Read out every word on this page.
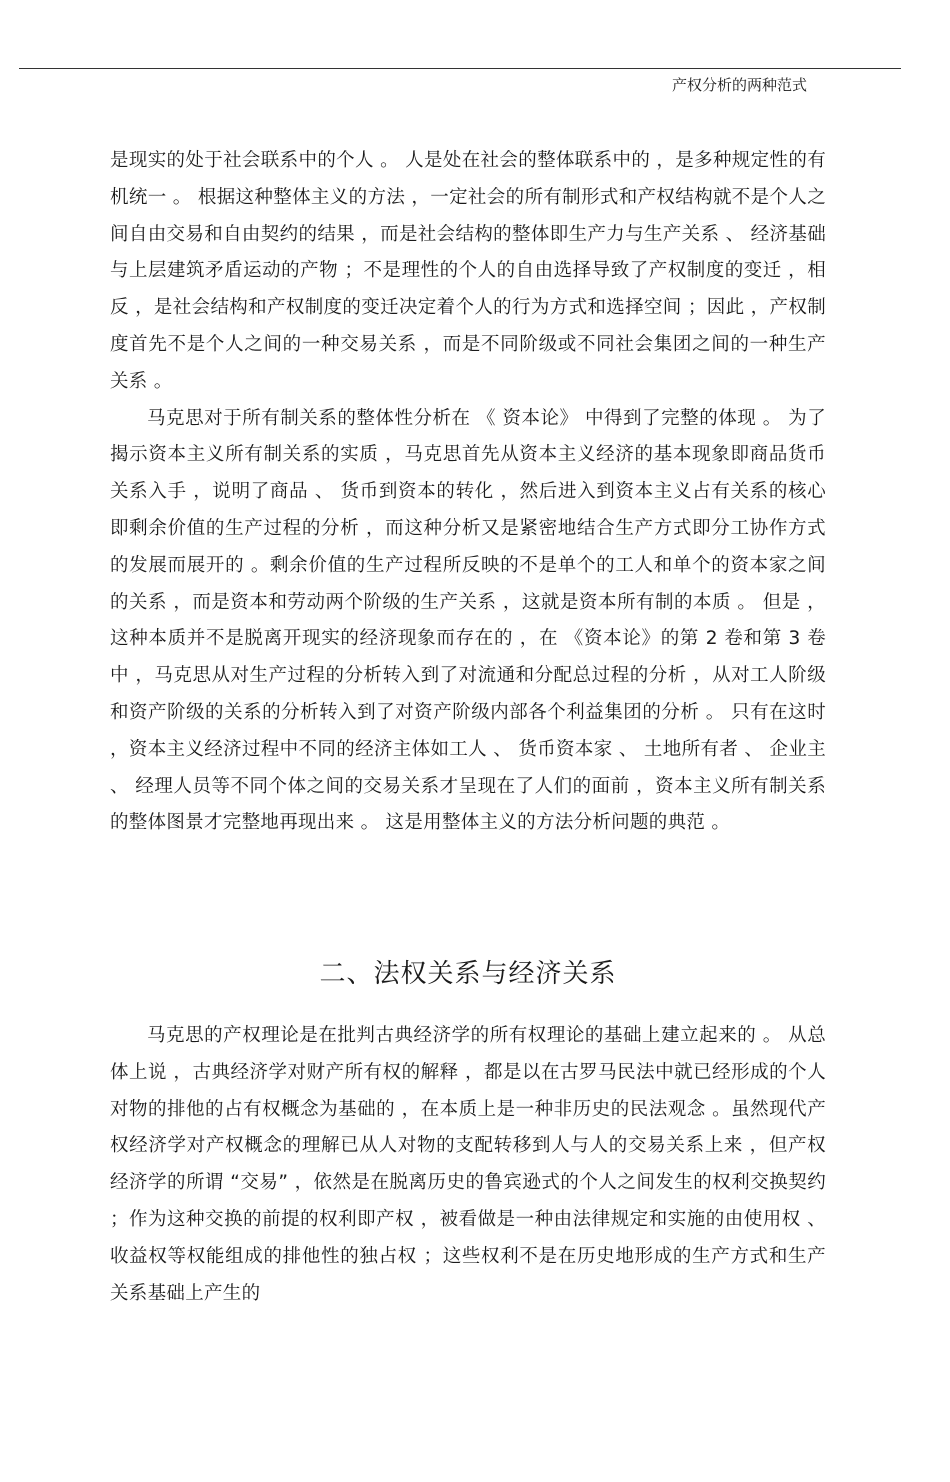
产权分析的两种范式

是现实的处于社会联系中的个人 。 人是处在社会的整体联系中的 ，是多种规定性的有机统一 。 根据这种整体主义的方法 ，一定社会的所有制形式和产权结构就不是个人之间自由交易和自由契约的结果 ，而是社会结构的整体即生产力与生产关系 、 经济基础与上层建筑矛盾运动的产物 ；不是理性的个人的自由选择导致了产权制度的变迁 ，相反 ，是社会结构和产权制度的变迁决定着个人的行为方式和选择空间 ；因此 ，产权制度首先不是个人之间的一种交易关系 ，而是不同阶级或不同社会集团之间的一种生产关系 。

马克思对于所有制关系的整体性分析在 《 资本论》 中得到了完整的体现 。 为了揭示资本主义所有制关系的实质 ，马克思首先从资本主义经济的基本现象即商品货币关系入手 ，说明了商品 、 货币到资本的转化 ，然后进入到资本主义占有关系的核心即剩余价值的生产过程的分析 ，而这种分析又是紧密地结合生产方式即分工协作方式的发展而展开的 。剩余价值的生产过程所反映的不是单个的工人和单个的资本家之间的关系 ，而是资本和劳动两个阶级的生产关系 ，这就是资本所有制的本质 。 但是 ，这种本质并不是脱离开现实的经济现象而存在的 ，在 《资本论》的第 2 卷和第 3 卷中 ，马克思从对生产过程的分析转入到了对流通和分配总过程的分析 ，从对工人阶级和资产阶级的关系的分析转入到了对资产阶级内部各个利益集团的分析 。 只有在这时 ，资本主义经济过程中不同的经济主体如工人 、 货币资本家 、 土地所有者 、 企业主 、 经理人员等不同个体之间的交易关系才呈现在了人们的面前 ，资本主义所有制关系的整体图景才完整地再现出来 。 这是用整体主义的方法分析问题的典范 。

二、法权关系与经济关系

马克思的产权理论是在批判古典经济学的所有权理论的基础上建立起来的 。 从总体上说 ，古典经济学对财产所有权的解释 ，都是以在古罗马民法中就已经形成的个人对物的排他的占有权概念为基础的 ，在本质上是一种非历史的民法观念 。虽然现代产权经济学对产权概念的理解已从人对物的支配转移到人与人的交易关系上来 ，但产权经济学的所谓 “交易” ，依然是在脱离历史的鲁宾逊式的个人之间发生的权利交换契约 ；作为这种交换的前提的权利即产权 ，被看做是一种由法律规定和实施的由使用权 、 收益权等权能组成的排他性的独占权 ；这些权利不是在历史地形成的生产方式和生产关系基础上产生的
